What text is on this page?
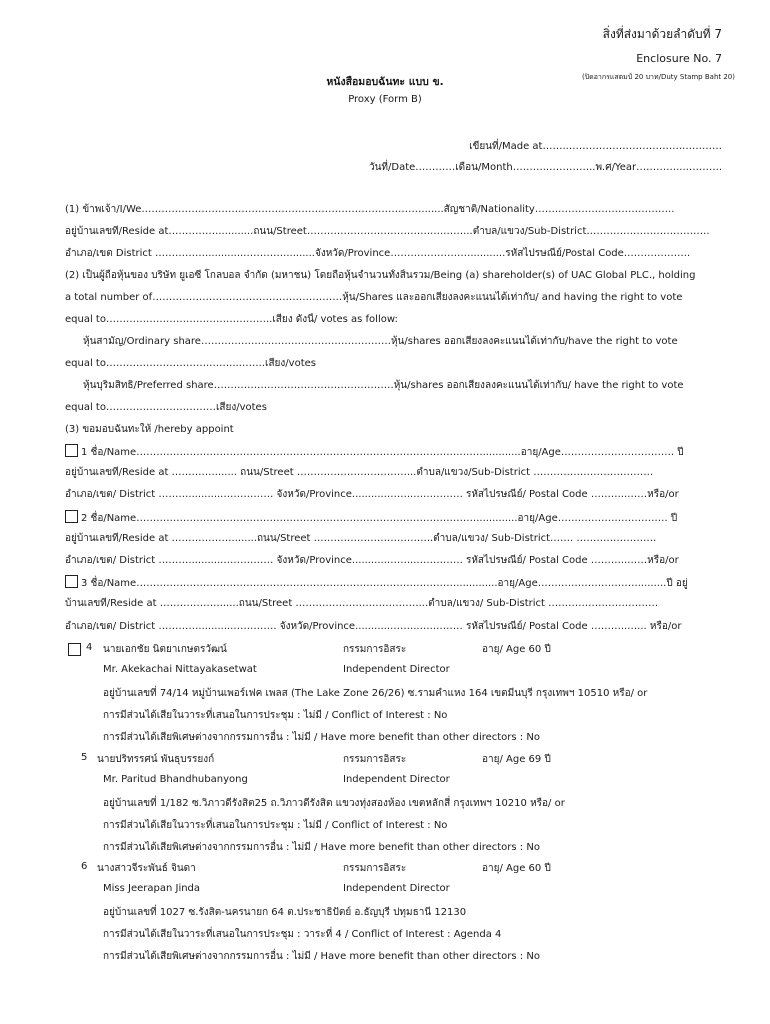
สิ่งที่ส่งมาด้วยลำดับที่ 7
Enclosure No. 7
(ปิดอากรแสตมป์ 20 บาท/Duty Stamp Baht 20)
หนังสือมอบฉันทะ แบบ ข.
Proxy (Form B)
เขียนที่/Made at……..…………………………….…………
วันที่/Date…………เดือน/Month………..…………..พ.ศ/Year…………...………..
(1) ข้าพเจ้า/I/We………………………………………………………………………….......สัญชาติ/Nationality…….……………………………..
อยู่บ้านเลขที่/Reside at……………...........ถนน/Street……………………………….….……...ตำบล/แขวง/Sub-District……………………………….
อำเภอ/เขต District ……………............…………..........จังหวัด/Province……………………...........รหัสไปรษณีย์/Postal Code………………..
(2) เป็นผู้ถือหุ้นของ บริษัท ยูเอซี โกลบอล จำกัด (มหาชน) โดยถือหุ้นจำนวนทั้งสิ้นรวม/Being (a) shareholder(s) of UAC Global PLC., holding
a total number of…………………………………………………หุ้น/Shares และออกเสียงลงคะแนนได้เท่ากับ/ and having the right to vote
equal to…………………………………………..เสียง ดังนี้/ votes as follow:
หุ้นสามัญ/Ordinary share…………………………………………………หุ้น/shares ออกเสียงลงคะแนนได้เท่ากับ/have the right to vote
equal to………………………….……...……..เสียง/votes
หุ้นบุริมสิทธิ/Preferred share………………………………………………หุ้น/shares ออกเสียงลงคะแนนได้เท่ากับ/ have the right to vote
equal to……………………………เสียง/votes
(3) ขอมอบฉันทะให้ /hereby appoint
1 ชื่อ/Name…………………………………………………………………………………….…….............อายุ/Age……………………………. ปี
อยู่บ้านเลขที่/Reside at …………........ ถนน/Street ……………………………...ตำบล/แขวง/Sub-District ………………………………
อำเภอ/เขต/ District ………...........…………… จังหวัด/Province...........……...….………. รหัสไปรษณีย์/ Postal Code ………..……หรือ/or
2 ชื่อ/Name………………………………………………………………………………………….............อายุ/Age…………………………… ปี
อยู่บ้านเลขที่/Reside at ………………........ถนน/Street ……………………….……..ตำบล/แขวง/ Sub-District……. ……………………
อำเภอ/เขต/ District ………...........…………… จังหวัด/Province...........……...….………. รหัสไปรษณีย์/ Postal Code ………..……หรือ/or
3 ชื่อ/Name…………………………………………………………………………………….............อายุ/Age………………………….........ปี อยู่
บ้านเลขที่/Reside at ………………......ถนน/Street …………………….…………...ตำบล/แขวง/ Sub-District ……………………………
อำเภอ/เขต/ District …………...........…………. จังหวัด/Province...........……...….……… รหัสไปรษณีย์/ Postal Code ………..…... หรือ/or
4 นายเอกชัย นิตยาเกษตรวัฒน์	กรรมการอิสระ	อายุ/ Age 60 ปี
Mr. Akekachai Nittayakasetwat	Independent Director
อยู่บ้านเลขที่ 74/14 หมู่บ้านเพอร์เฟค เพลส (The Lake Zone 26/26) ซ.รามคำแหง 164 เขตมีนบุรี กรุงเทพฯ 10510 หรือ/ or
การมีส่วนได้เสียในวาระที่เสนอในการประชุม : ไม่มี / Conflict of Interest : No
การมีส่วนได้เสียพิเศษต่างจากกรรมการอื่น : ไม่มี / Have more benefit than other directors : No
5 นายปริทรรศน์ พันธุบรรยงก์	กรรมการอิสระ	อายุ/ Age 69 ปี
Mr. Paritud Bhandhubanyong	Independent Director
อยู่บ้านเลขที่ 1/182 ซ.วิภาวดีรังสิต25 ถ.วิภาวดีรังสิต แขวงทุ่งสองห้อง เขตหลักสี่ กรุงเทพฯ 10210 หรือ/ or
การมีส่วนได้เสียในวาระที่เสนอในการประชุม : ไม่มี / Conflict of Interest : No
การมีส่วนได้เสียพิเศษต่างจากกรรมการอื่น : ไม่มี / Have more benefit than other directors : No
6 นางสาวจีระพันธ์ จินดา	กรรมการอิสระ	อายุ/ Age 60 ปี
Miss Jeerapan Jinda	Independent Director
อยู่บ้านเลขที่ 1027 ซ.รังสิต-นครนายก 64 ต.ประชาธิปัตย์ อ.ธัญบุรี ปทุมธานี 12130
การมีส่วนได้เสียในวาระที่เสนอในการประชุม : วาระที่ 4 / Conflict of Interest : Agenda 4
การมีส่วนได้เสียพิเศษต่างจากกรรมการอื่น : ไม่มี / Have more benefit than other directors : No
